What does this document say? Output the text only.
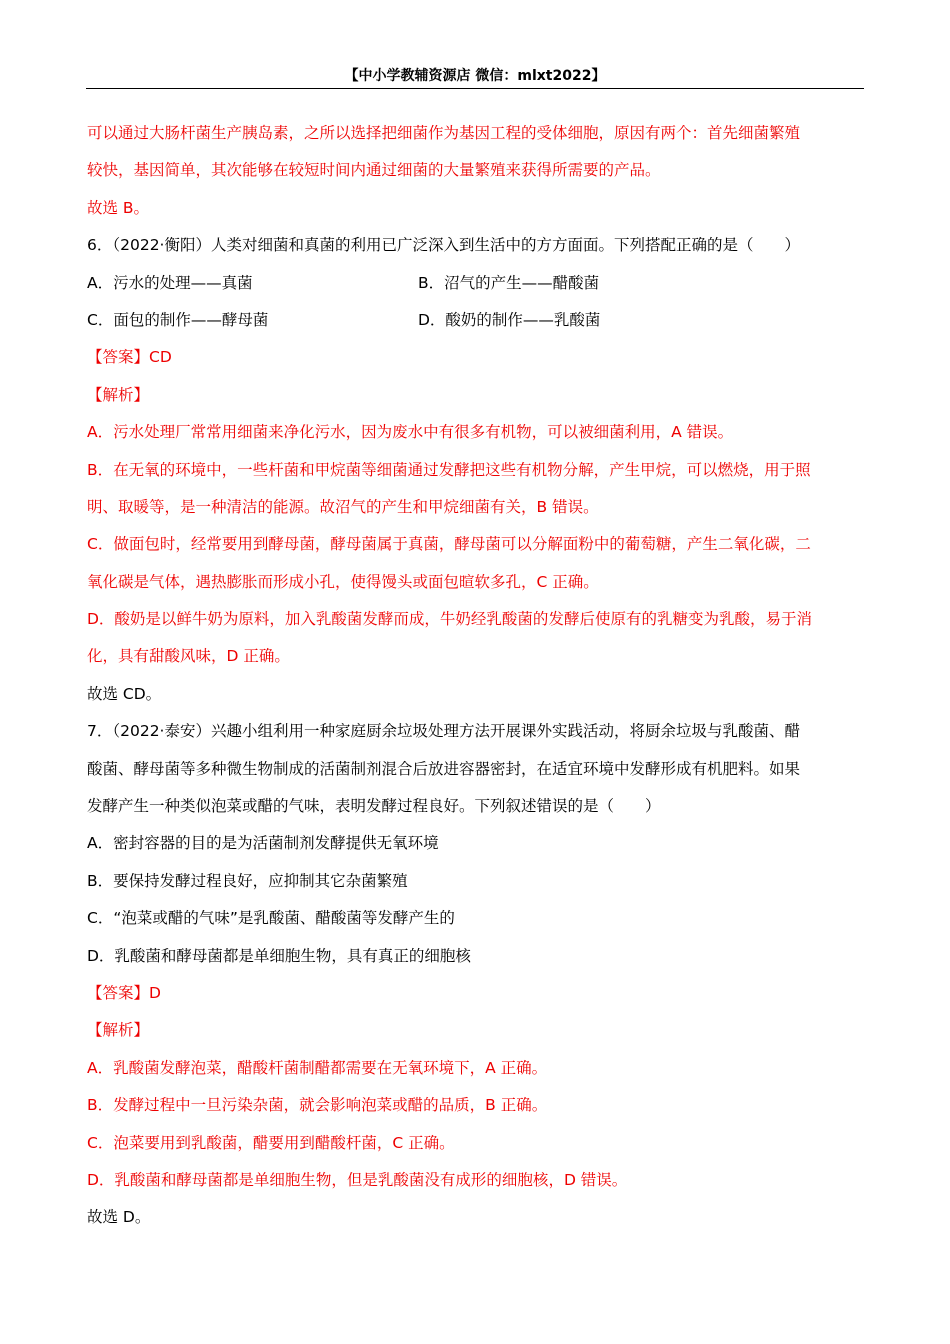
【中小学教辅资源店 微信：mlxt2022】
可以通过大肠杆菌生产胰岛素，之所以选择把细菌作为基因工程的受体细胞，原因有两个：首先细菌繁殖
较快，基因简单，其次能够在较短时间内通过细菌的大量繁殖来获得所需要的产品。
故选 B。
6．（2022·衡阳）人类对细菌和真菌的利用已广泛深入到生活中的方方面面。下列搭配正确的是（　　）
A．污水的处理——真菌	B．沼气的产生——醋酸菌
C．面包的制作——酵母菌	D．酸奶的制作——乳酸菌
【答案】CD
【解析】
A．污水处理厂常常用细菌来净化污水，因为废水中有很多有机物，可以被细菌利用，A 错误。
B．在无氧的环境中，一些杆菌和甲烷菌等细菌通过发酵把这些有机物分解，产生甲烷，可以燃烧，用于照
明、取暖等，是一种清洁的能源。故沼气的产生和甲烷细菌有关，B 错误。
C．做面包时，经常要用到酵母菌，酵母菌属于真菌，酵母菌可以分解面粉中的葡萄糖，产生二氧化碳，二
氧化碳是气体，遇热膨胀而形成小孔，使得馒头或面包暄软多孔，C 正确。
D．酸奶是以鲜牛奶为原料，加入乳酸菌发酵而成，牛奶经乳酸菌的发酵后使原有的乳糖变为乳酸，易于消
化，具有甜酸风味，D 正确。
故选 CD。
7．（2022·泰安）兴趣小组利用一种家庭厨余垃圾处理方法开展课外实践活动，将厨余垃圾与乳酸菌、醋
酸菌、酵母菌等多种微生物制成的活菌制剂混合后放进容器密封，在适宜环境中发酵形成有机肥料。如果
发酵产生一种类似泡菜或醋的气味，表明发酵过程良好。下列叙述错误的是（　　）
A．密封容器的目的是为活菌制剂发酵提供无氧环境
B．要保持发酵过程良好，应抑制其它杂菌繁殖
C．“泡菜或醋的气味”是乳酸菌、醋酸菌等发酵产生的
D．乳酸菌和酵母菌都是单细胞生物，具有真正的细胞核
【答案】D
【解析】
A．乳酸菌发酵泡菜，醋酸杆菌制醋都需要在无氧环境下，A 正确。
B．发酵过程中一旦污染杂菌，就会影响泡菜或醋的品质，B 正确。
C．泡菜要用到乳酸菌，醋要用到醋酸杆菌，C 正确。
D．乳酸菌和酵母菌都是单细胞生物，但是乳酸菌没有成形的细胞核，D 错误。
故选 D。
